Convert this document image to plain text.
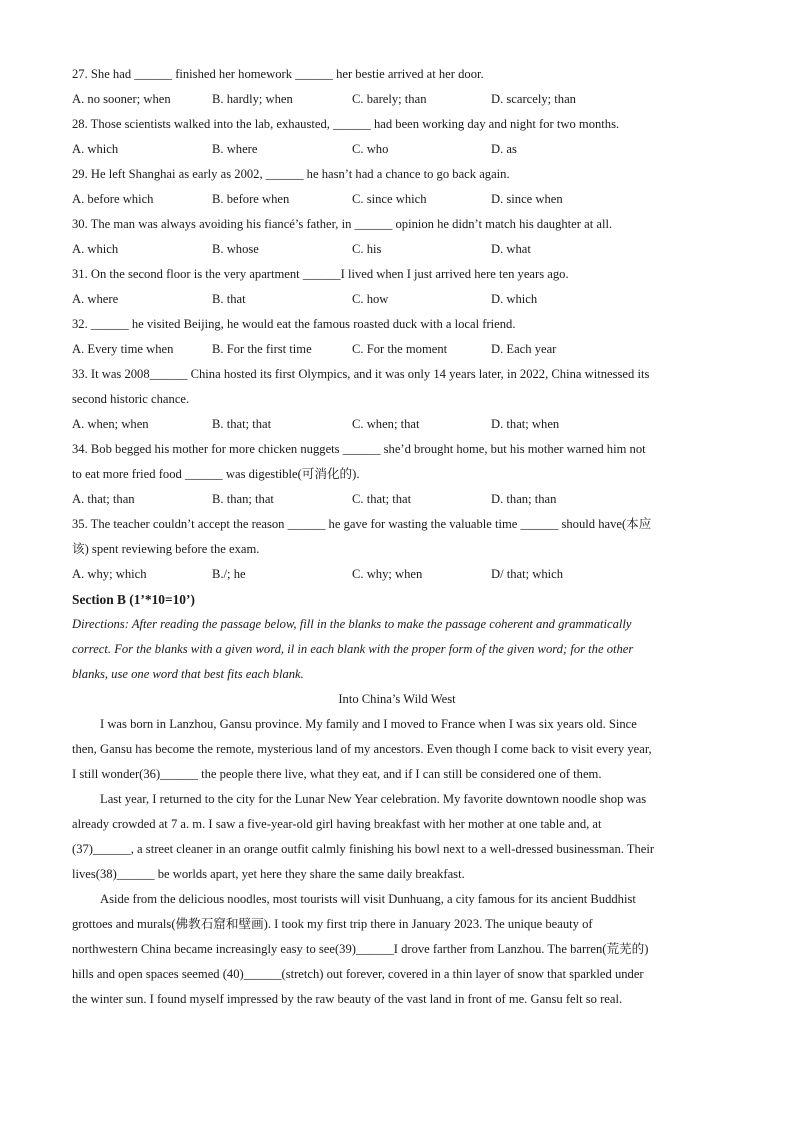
27. She had ______ finished her homework ______ her bestie arrived at her door.
A. no sooner; when	B. hardly; when	C. barely; than	D. scarcely; than
28. Those scientists walked into the lab, exhausted, ______ had been working day and night for two months.
A. which	B. where	C. who	D. as
29. He left Shanghai as early as 2002, ______ he hasn’t had a chance to go back again.
A. before which	B. before when	C. since which	D. since when
30. The man was always avoiding his fiancé’s father, in ______ opinion he didn’t match his daughter at all.
A. which	B. whose	C. his	D. what
31. On the second floor is the very apartment ______I lived when I just arrived here ten years ago.
A. where	B. that	C. how	D. which
32. ______ he visited Beijing, he would eat the famous roasted duck with a local friend.
A. Every time when	B. For the first time	C. For the moment	D. Each year
33. It was 2008______ China hosted its first Olympics, and it was only 14 years later, in 2022, China witnessed its
second historic chance.
A. when; when	B. that; that	C. when; that	D. that; when
34. Bob begged his mother for more chicken nuggets ______ she’d brought home, but his mother warned him not
to eat more fried food ______ was digestible(可消化的).
A. that; than	B. than; that	C. that; that	D. than; than
35. The teacher couldn’t accept the reason ______ he gave for wasting the valuable time ______ should have(本应
该) spent reviewing before the exam.
A. why; which	B./; he	C. why; when	D/ that; which
Section B (1’*10=10’)
Directions: After reading the passage below, fill in the blanks to make the passage coherent and grammatically
correct. For the blanks with a given word, il in each blank with the proper form of the given word; for the other
blanks, use one word that best fits each blank.
Into China’s Wild West
I was born in Lanzhou, Gansu province. My family and I moved to France when I was six years old. Since
then, Gansu has become the remote, mysterious land of my ancestors. Even though I come back to visit every year,
I still wonder(36)______ the people there live, what they eat, and if I can still be considered one of them.
Last year, I returned to the city for the Lunar New Year celebration. My favorite downtown noodle shop was
already crowded at 7 a. m. I saw a five-year-old girl having breakfast with her mother at one table and, at
(37)______, a street cleaner in an orange outfit calmly finishing his bowl next to a well-dressed businessman. Their
lives(38)______ be worlds apart, yet here they share the same daily breakfast.
Aside from the delicious noodles, most tourists will visit Dunhuang, a city famous for its ancient Buddhist
grottoes and murals(佛教石窟和壁画). I took my first trip there in January 2023. The unique beauty of
northwestern China became increasingly easy to see(39)______I drove farther from Lanzhou. The barren(荒芜的)
hills and open spaces seemed (40)______(stretch) out forever, covered in a thin layer of snow that sparkled under
the winter sun. I found myself impressed by the raw beauty of the vast land in front of me. Gansu felt so real.
